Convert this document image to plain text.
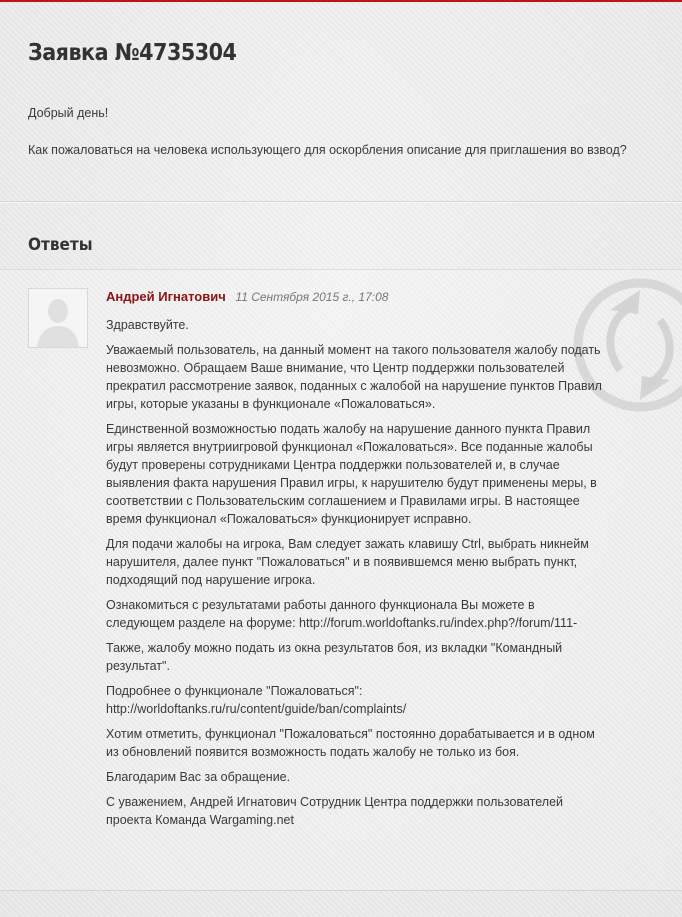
Заявка №4735304
Добрый день!
Как пожаловаться на человека использующего для оскорбления описание для приглашения во взвод?
Ответы
Андрей Игнатович 11 Сентября 2015 г., 17:08

Здравствуйте.

Уважаемый пользователь, на данный момент на такого пользователя жалобу подать невозможно. Обращаем Ваше внимание, что Центр поддержки пользователей прекратил рассмотрение заявок, поданных с жалобой на нарушение пунктов Правил игры, которые указаны в функционале «Пожаловаться».

Единственной возможностью подать жалобу на нарушение данного пункта Правил игры является внутриигровой функционал «Пожаловаться». Все поданные жалобы будут проверены сотрудниками Центра поддержки пользователей и, в случае выявления факта нарушения Правил игры, к нарушителю будут применены меры, в соответствии с Пользовательским соглашением и Правилами игры. В настоящее время функционал «Пожаловаться» функционирует исправно.

Для подачи жалобы на игрока, Вам следует зажать клавишу Ctrl, выбрать никнейм нарушителя, далее пункт "Пожаловаться" и в появившемся меню выбрать пункт, подходящий под нарушение игрока.

Ознакомиться с результатами работы данного функционала Вы можете в следующем разделе на форуме: http://forum.worldoftanks.ru/index.php?/forum/111-

Также, жалобу можно подать из окна результатов боя, из вкладки "Командный результат".

Подробнее о функционале "Пожаловаться": http://worldoftanks.ru/ru/content/guide/ban/complaints/

Хотим отметить, функционал "Пожаловаться" постоянно дорабатывается и в одном из обновлений появится возможность подать жалобу не только из боя.

Благодарим Вас за обращение.

С уважением, Андрей Игнатович Сотрудник Центра поддержки пользователей проекта Команда Wargaming.net
